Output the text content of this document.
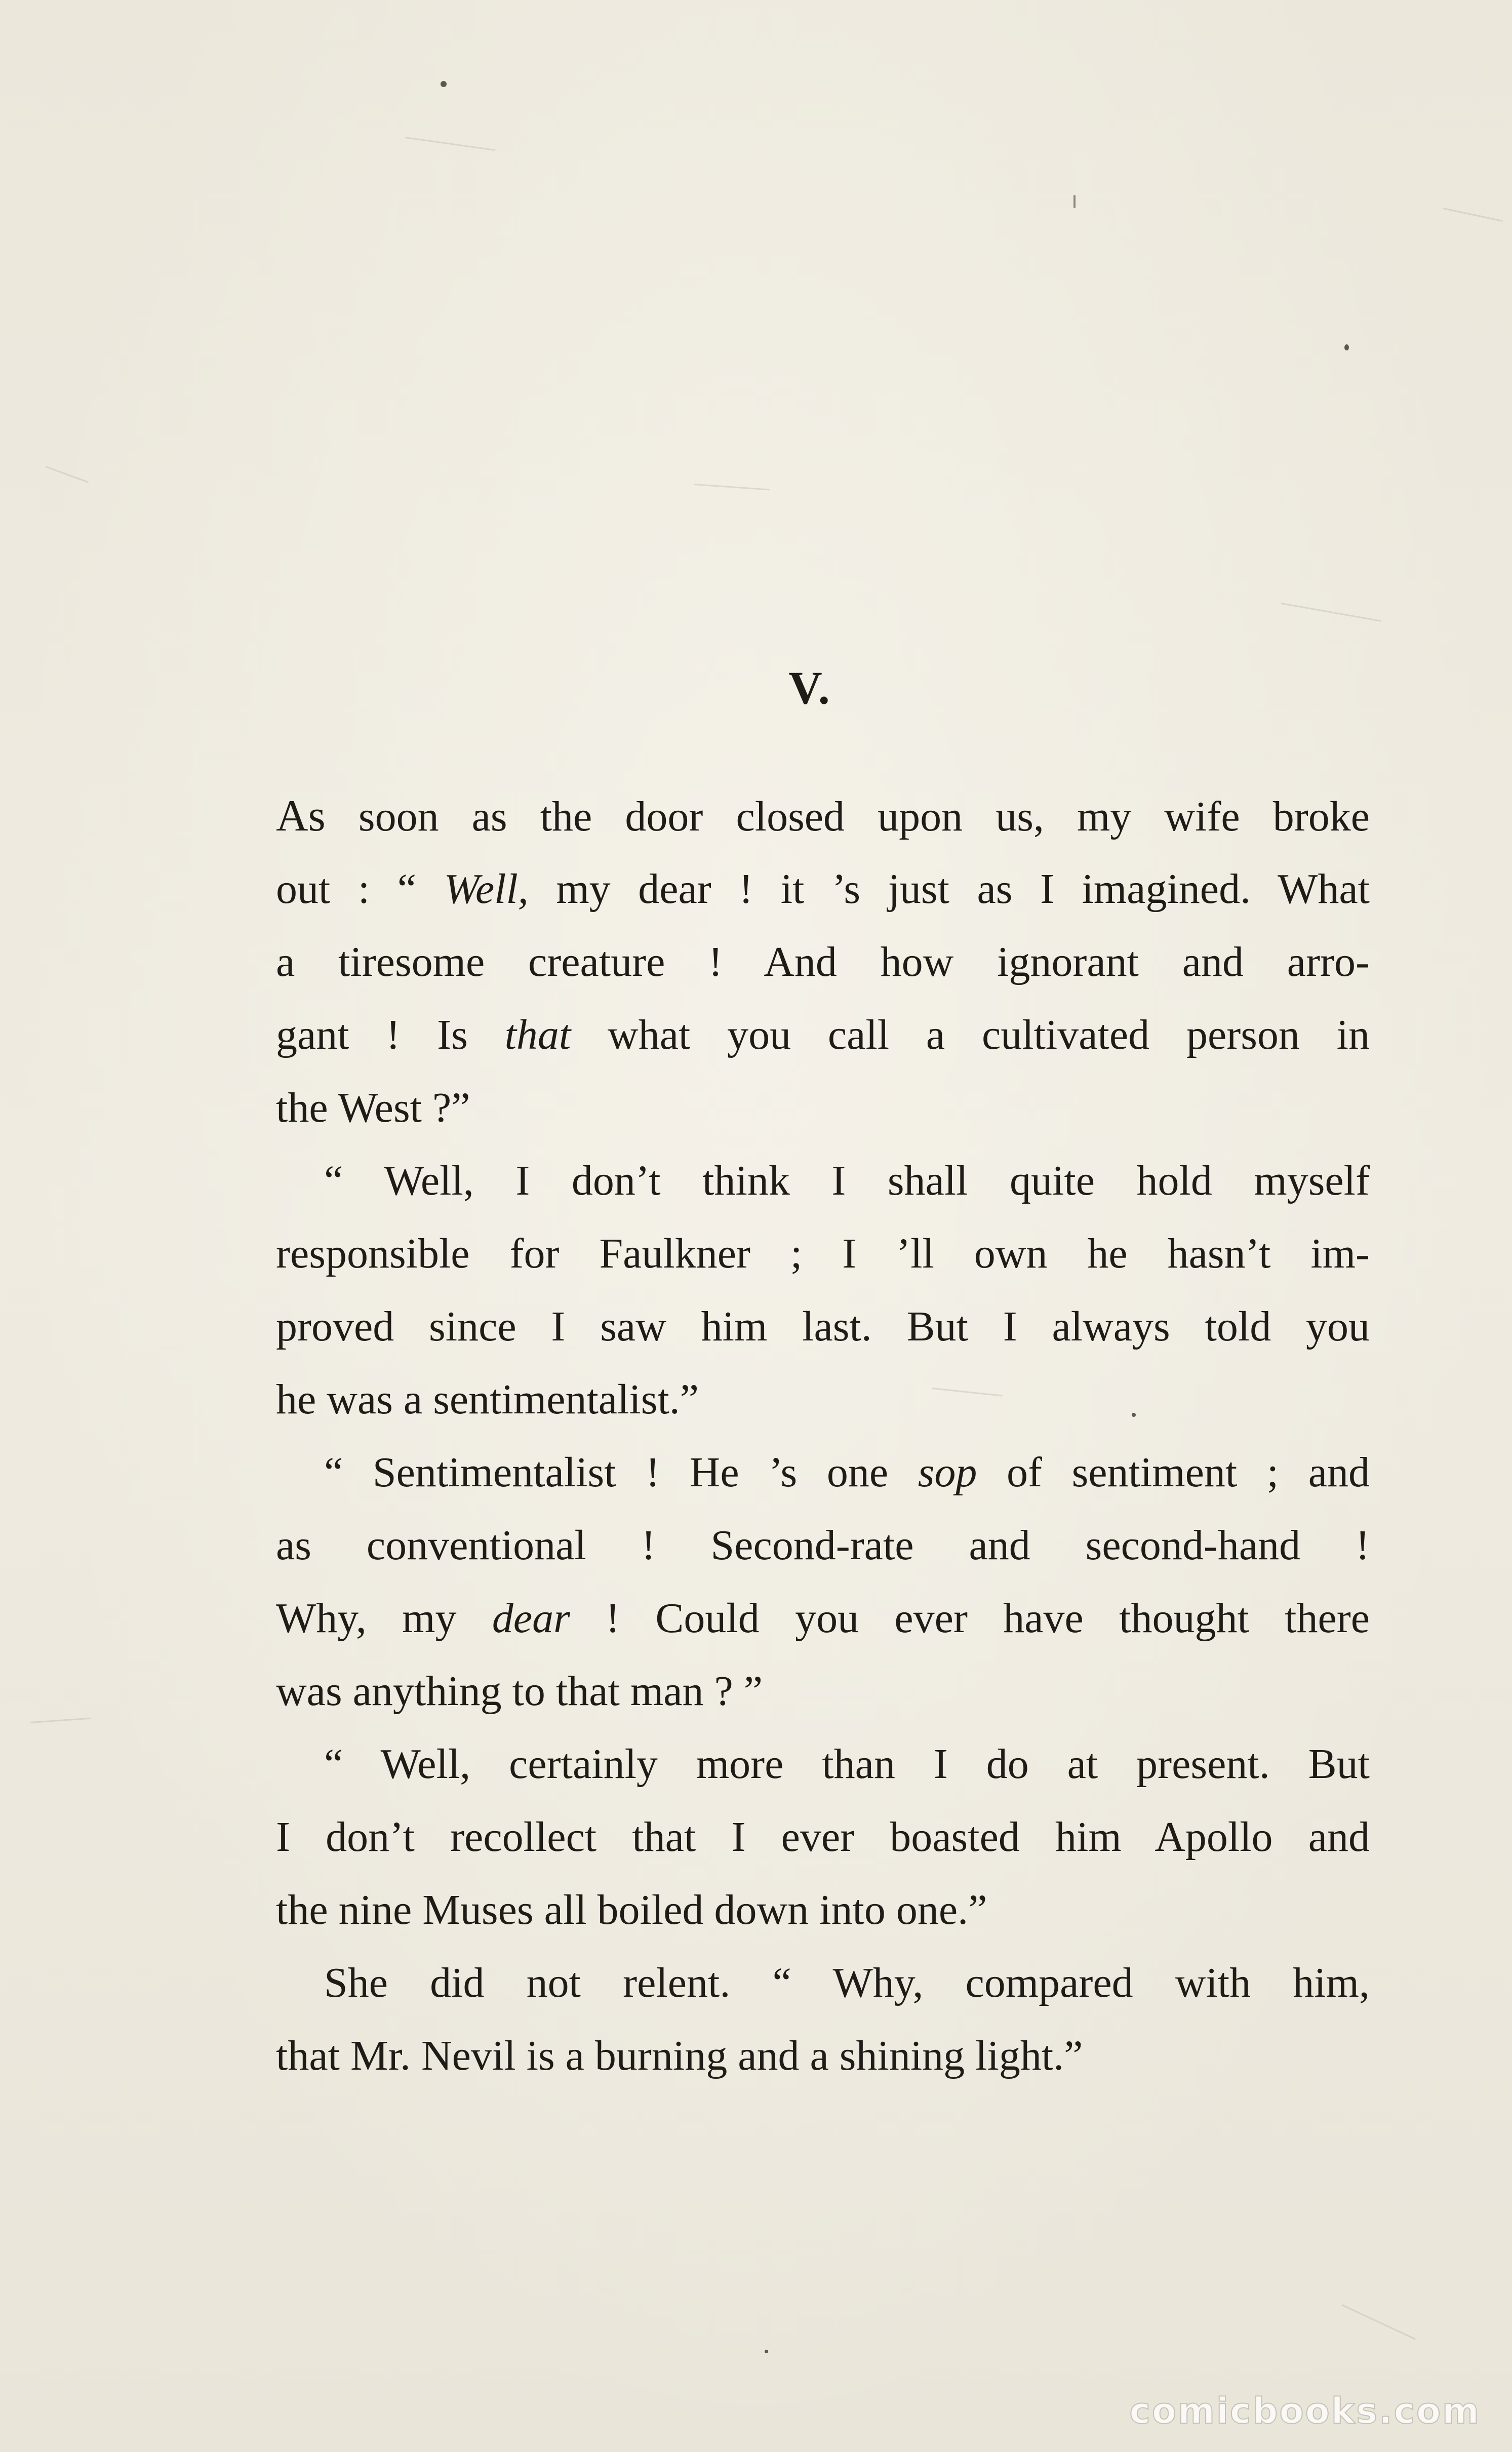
V.
As soon as the door closed upon us, my wife broke
out : “ Well, my dear ! it ’s just as I imagined. What
a tiresome creature ! And how ignorant and arro-
gant ! Is that what you call a cultivated person in
the West ?”
“ Well, I don’t think I shall quite hold myself
responsible for Faulkner ; I ’ll own he hasn’t im-
proved since I saw him last. But I always told you
he was a sentimentalist.”
“ Sentimentalist ! He ’s one sop of sentiment ; and
as conventional ! Second-rate and second-hand !
Why, my dear ! Could you ever have thought there
was anything to that man ? ”
“ Well, certainly more than I do at present. But
I don’t recollect that I ever boasted him Apollo and
the nine Muses all boiled down into one.”
She did not relent. “ Why, compared with him,
that Mr. Nevil is a burning and a shining light.”
comicbooks.com
